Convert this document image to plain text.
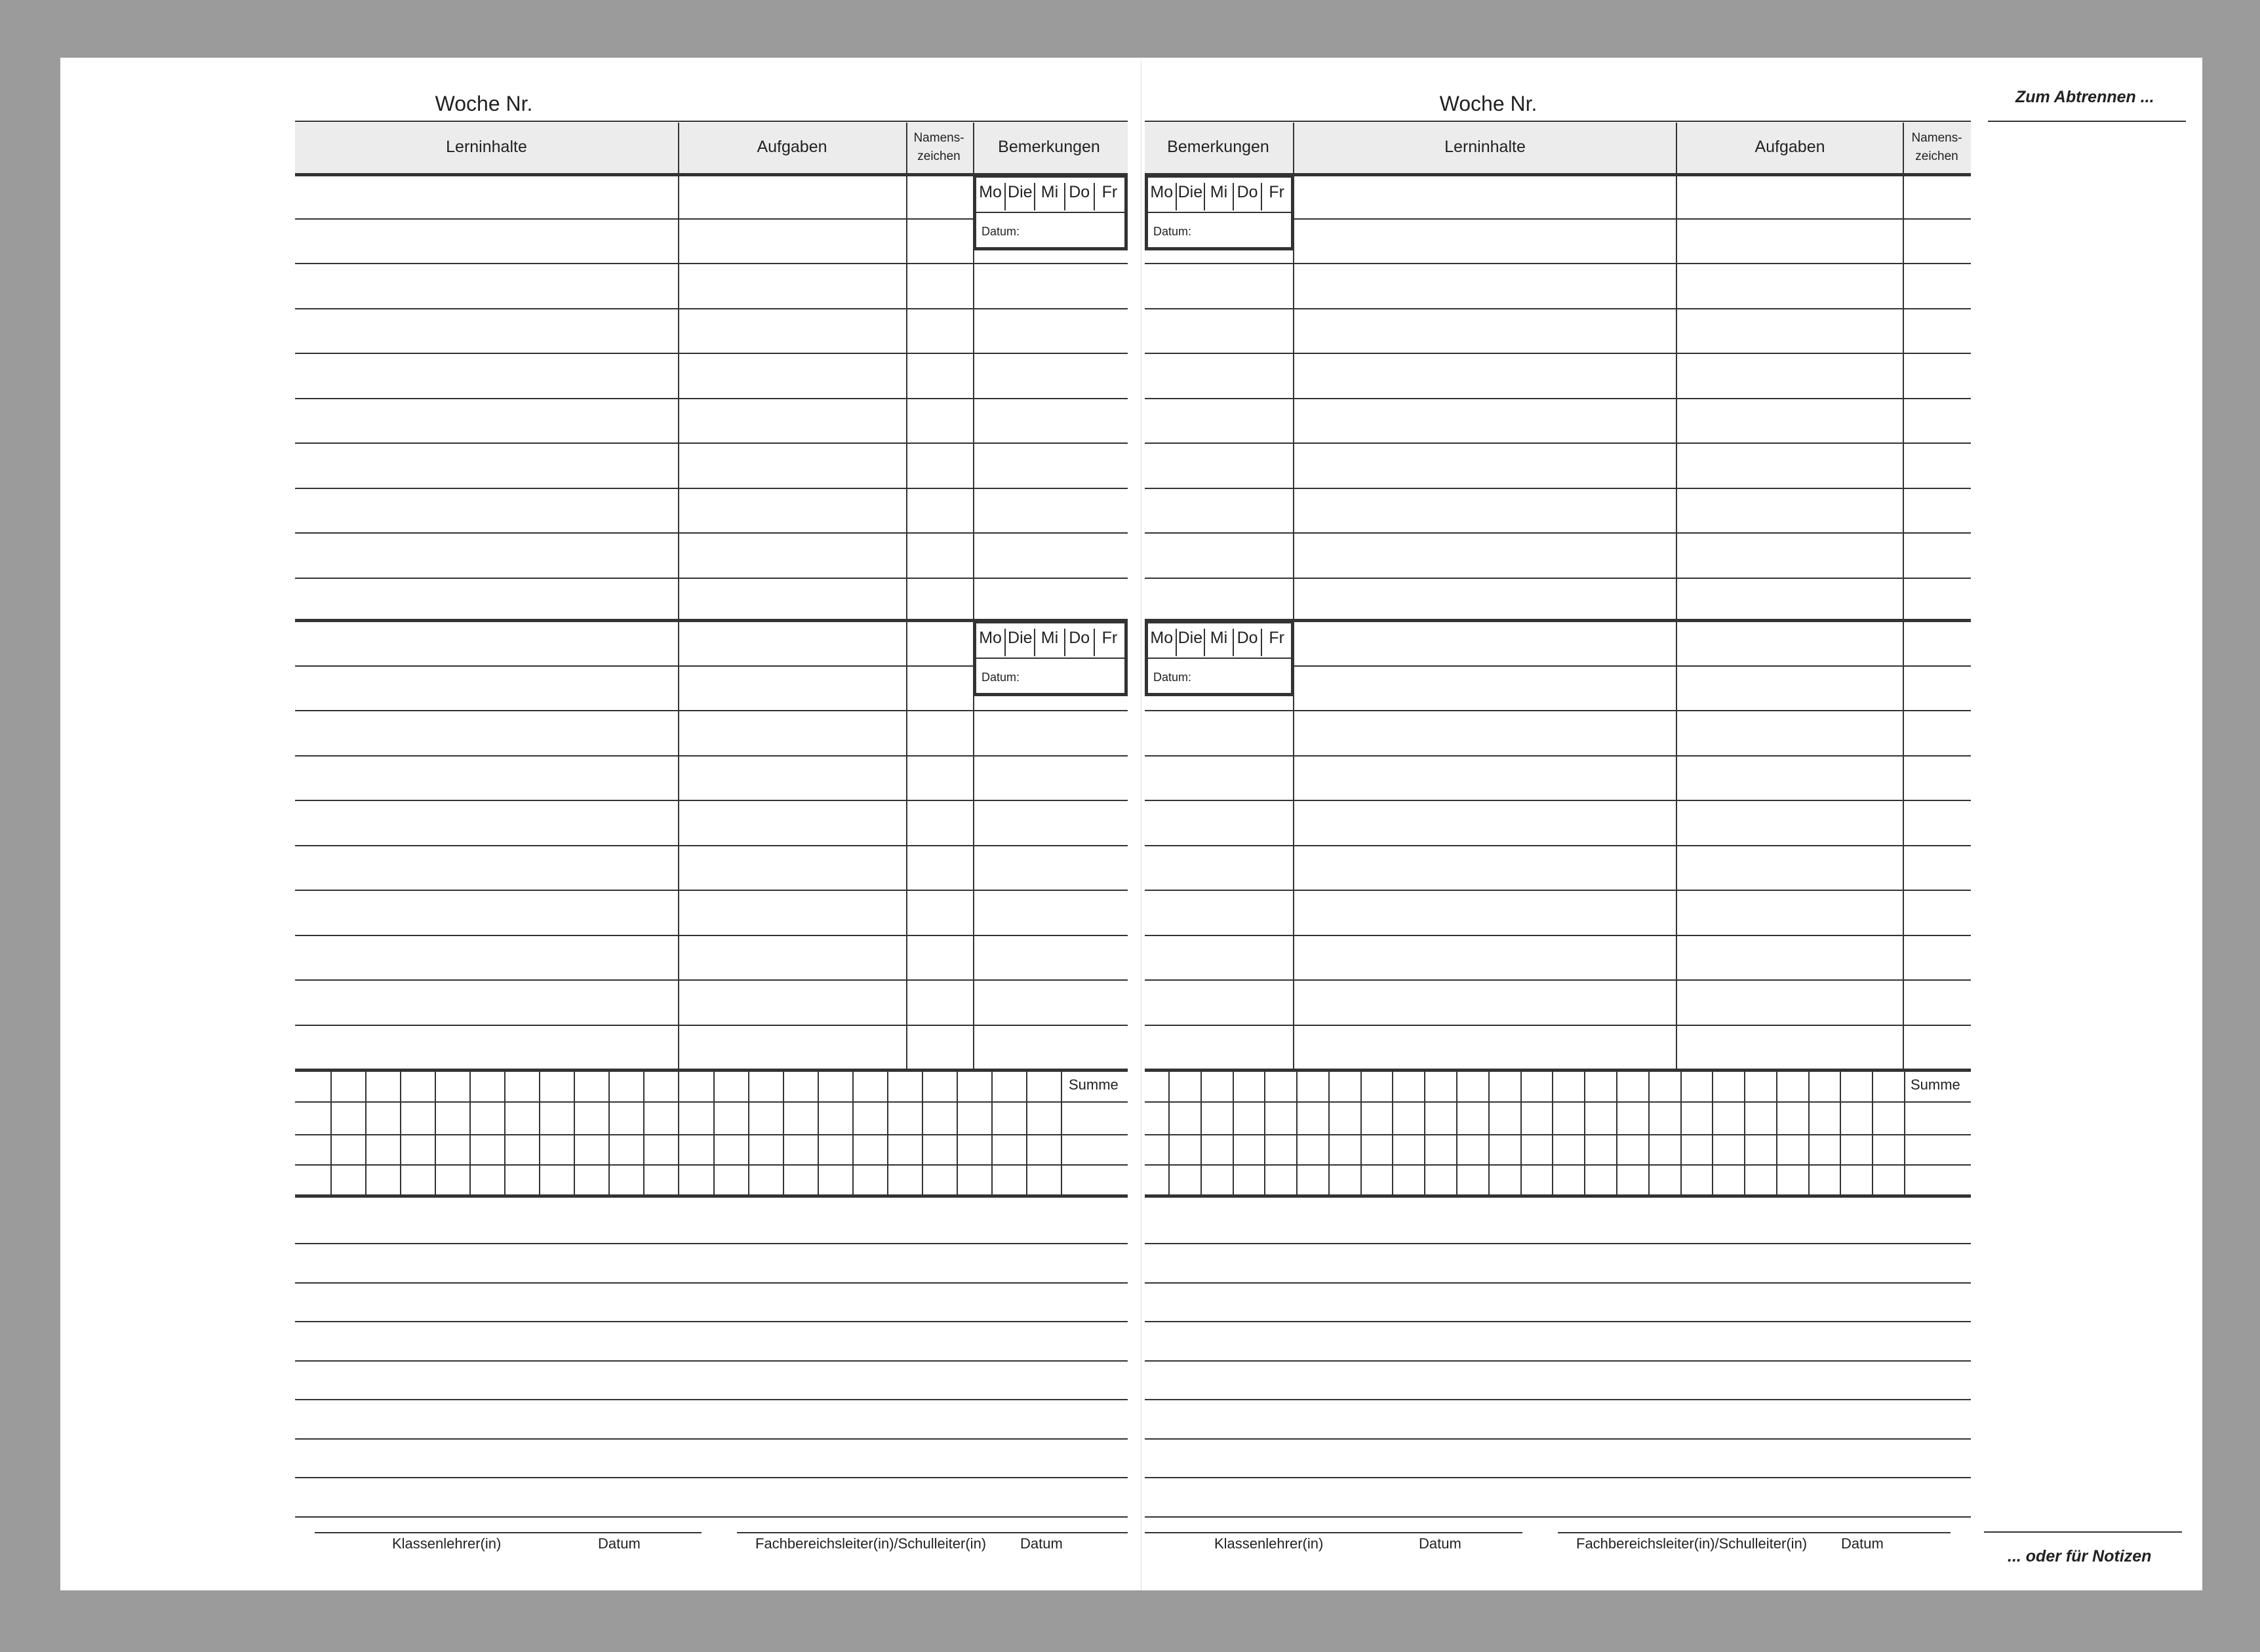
Woche Nr.
Lerninhalte	Aufgaben	Namens-
zeichen
Bemerkungen
Mo Die Mi Do Fr
Datum:
Mo Die Mi Do Fr
Datum:
Summe
Klassenlehrer(in)	Datum	Fachbereichsleiter(in)/Schulleiter(in) Datum
Woche Nr.
Bemerkungen	Lerninhalte	Aufgaben	Namens-
zeichen
Mo Die Mi Do Fr
Datum:
Mo Die Mi Do Fr
Datum:
Summe
Klassenlehrer(in)	Datum	Fachbereichsleiter(in)/Schulleiter(in) Datum
Zum Abtrennen ...
... oder für Notizen
